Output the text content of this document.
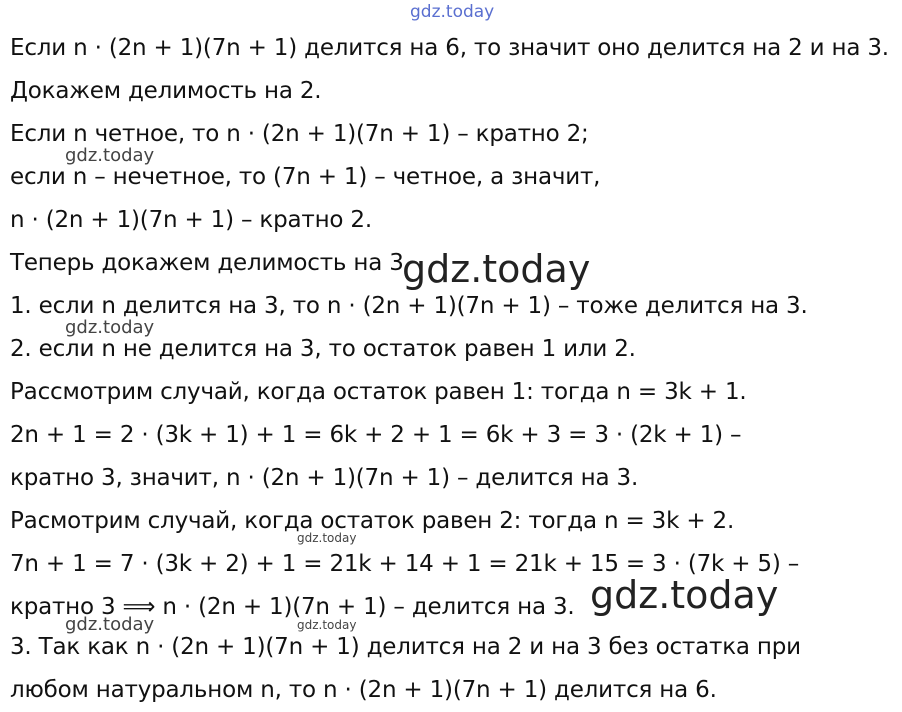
gdz.today
Если n · (2n + 1)(7n + 1) делится на 6, то значит оно делится на 2 и на 3.
Докажем делимость на 2.
Если n четное, то n · (2n + 1)(7n + 1) – кратно 2;
gdz.today
если n – нечетное, то (7n + 1) – четное, а значит,
n · (2n + 1)(7n + 1) – кратно 2.
Теперь докажем делимость на 3
gdz.today
1. если n делится на 3, то n · (2n + 1)(7n + 1) – тоже делится на 3.
gdz.today
2. если n не делится на 3, то остаток равен 1 или 2.
Рассмотрим случай, когда остаток равен 1: тогда n = 3k + 1.
2n + 1 = 2 · (3k + 1) + 1 = 6k + 2 + 1 = 6k + 3 = 3 · (2k + 1) –
кратно 3, значит, n · (2n + 1)(7n + 1) – делится на 3.
Расмотрим случай, когда остаток равен 2: тогда n = 3k + 2.
gdz.today
7n + 1 = 7 · (3k + 2) + 1 = 21k + 14 + 1 = 21k + 15 = 3 · (7k + 5) –
кратно 3 ⟹ n · (2n + 1)(7n + 1) – делится на 3. gdz.today
gdz.today	gdz.today
3. Так как n · (2n + 1)(7n + 1) делится на 2 и на 3 без остатка при
любом натуральном n, то n · (2n + 1)(7n + 1) делится на 6.
